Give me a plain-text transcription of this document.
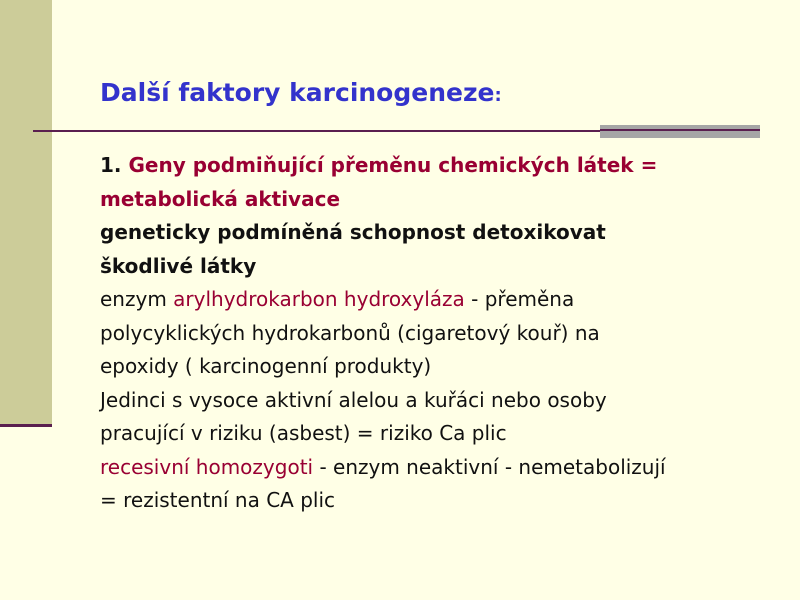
Další faktory karcinogeneze:
1. Geny podmiňující přeměnu chemických látek =
metabolická aktivace
geneticky podmíněná schopnost detoxikovat
škodlivé látky
enzym arylhydrokarbon hydroxyláza - přeměna
polycyklických hydrokarbonů (cigaretový kouř) na
epoxidy ( karcinogenní produkty)
Jedinci s vysoce aktivní alelou a kuřáci nebo osoby
pracující v riziku (asbest) = riziko Ca plic
recesivní homozygoti - enzym neaktivní - nemetabolizují
= rezistentní na CA plic
